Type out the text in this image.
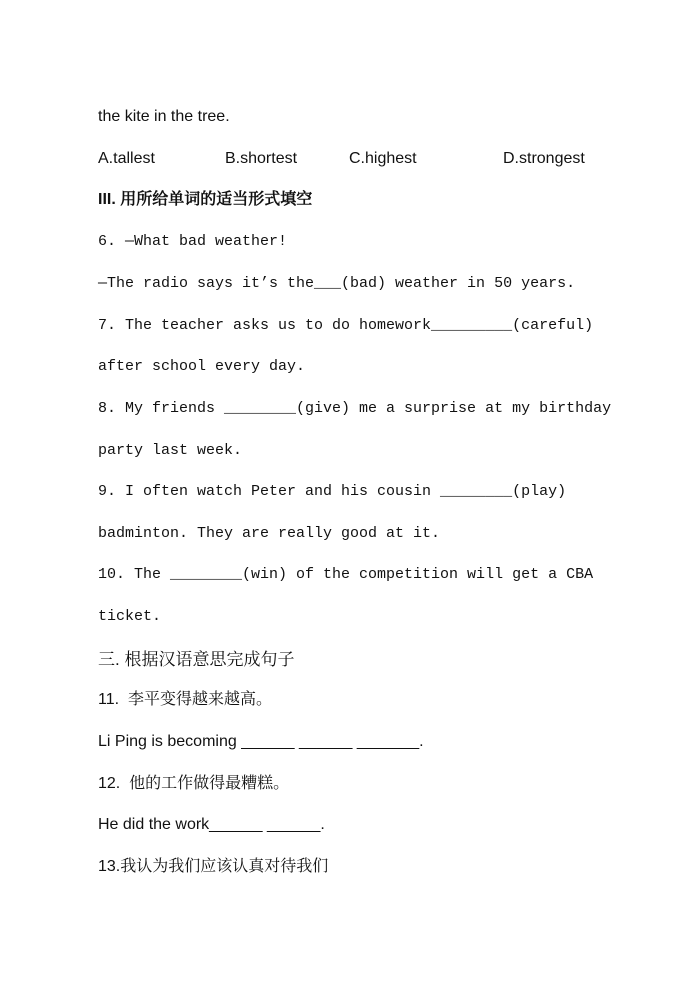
the kite in the tree.

A.tallest

	B.shortest

	C.highest

	D.strongest

III. 用所给单词的适当形式填空
6. —What bad weather!
—The radio says it’s the___(bad) weather in 50 years.
7. The teacher asks us to do homework_________(careful)
after school every day.
8. My friends ________(give) me a surprise at my birthday
party last week.
9. I often watch Peter and his cousin ________(play)
badminton. They are really good at it.
10. The ________(win) of the competition will get a CBA
ticket.
三. 根据汉语意思完成句子
11.  李平变得越来越高。
Li Ping is becoming ______ ______ _______.
12.  他的工作做得最糟糕。
He did the work______ ______.
13.我认为我们应该认真对待我们
